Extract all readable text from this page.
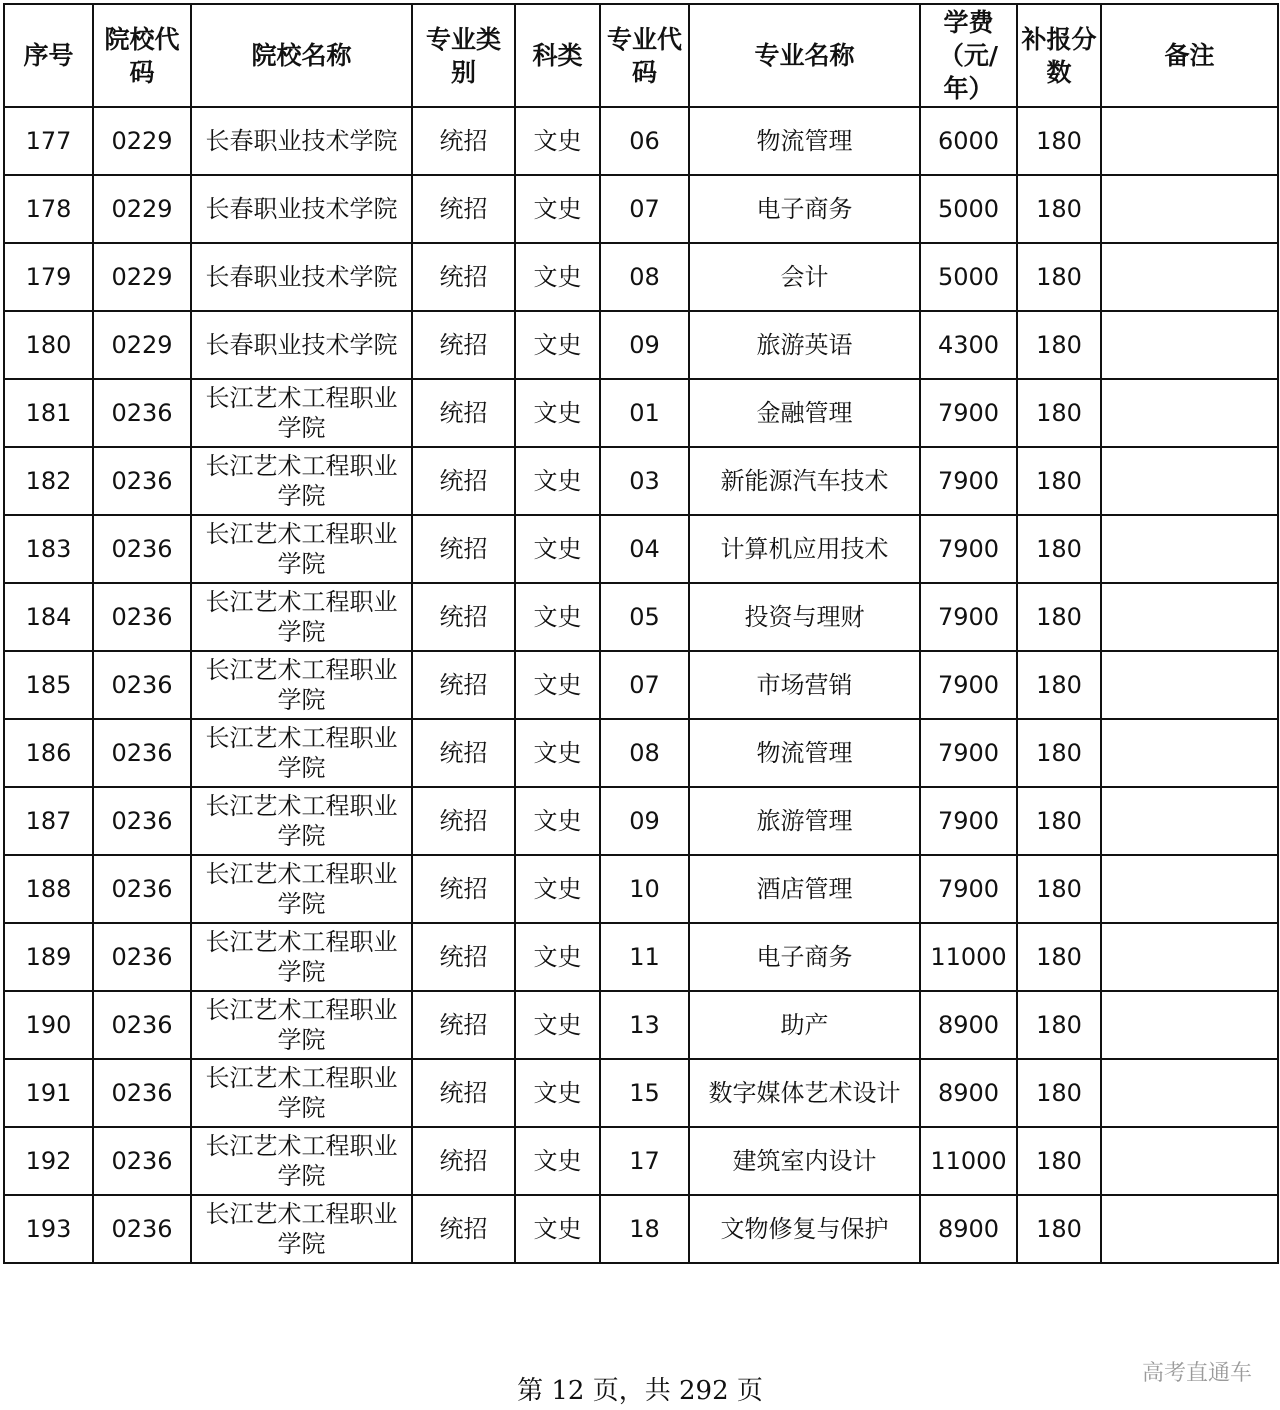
序号	院校代码	院校名称	专业类别	科类	专业代码	专业名称	学费（元/年）	补报分数	备注
177	0229	长春职业技术学院	统招	文史	06	物流管理	6000	180	
178	0229	长春职业技术学院	统招	文史	07	电子商务	5000	180	
179	0229	长春职业技术学院	统招	文史	08	会计	5000	180	
180	0229	长春职业技术学院	统招	文史	09	旅游英语	4300	180	
181	0236	长江艺术工程职业学院	统招	文史	01	金融管理	7900	180	
182	0236	长江艺术工程职业学院	统招	文史	03	新能源汽车技术	7900	180	
183	0236	长江艺术工程职业学院	统招	文史	04	计算机应用技术	7900	180	
184	0236	长江艺术工程职业学院	统招	文史	05	投资与理财	7900	180	
185	0236	长江艺术工程职业学院	统招	文史	07	市场营销	7900	180	
186	0236	长江艺术工程职业学院	统招	文史	08	物流管理	7900	180	
187	0236	长江艺术工程职业学院	统招	文史	09	旅游管理	7900	180	
188	0236	长江艺术工程职业学院	统招	文史	10	酒店管理	7900	180	
189	0236	长江艺术工程职业学院	统招	文史	11	电子商务	11000	180	
190	0236	长江艺术工程职业学院	统招	文史	13	助产	8900	180	
191	0236	长江艺术工程职业学院	统招	文史	15	数字媒体艺术设计	8900	180	
192	0236	长江艺术工程职业学院	统招	文史	17	建筑室内设计	11000	180	
193	0236	长江艺术工程职业学院	统招	文史	18	文物修复与保护	8900	180	
第 12 页，共 292 页
高考直通车
